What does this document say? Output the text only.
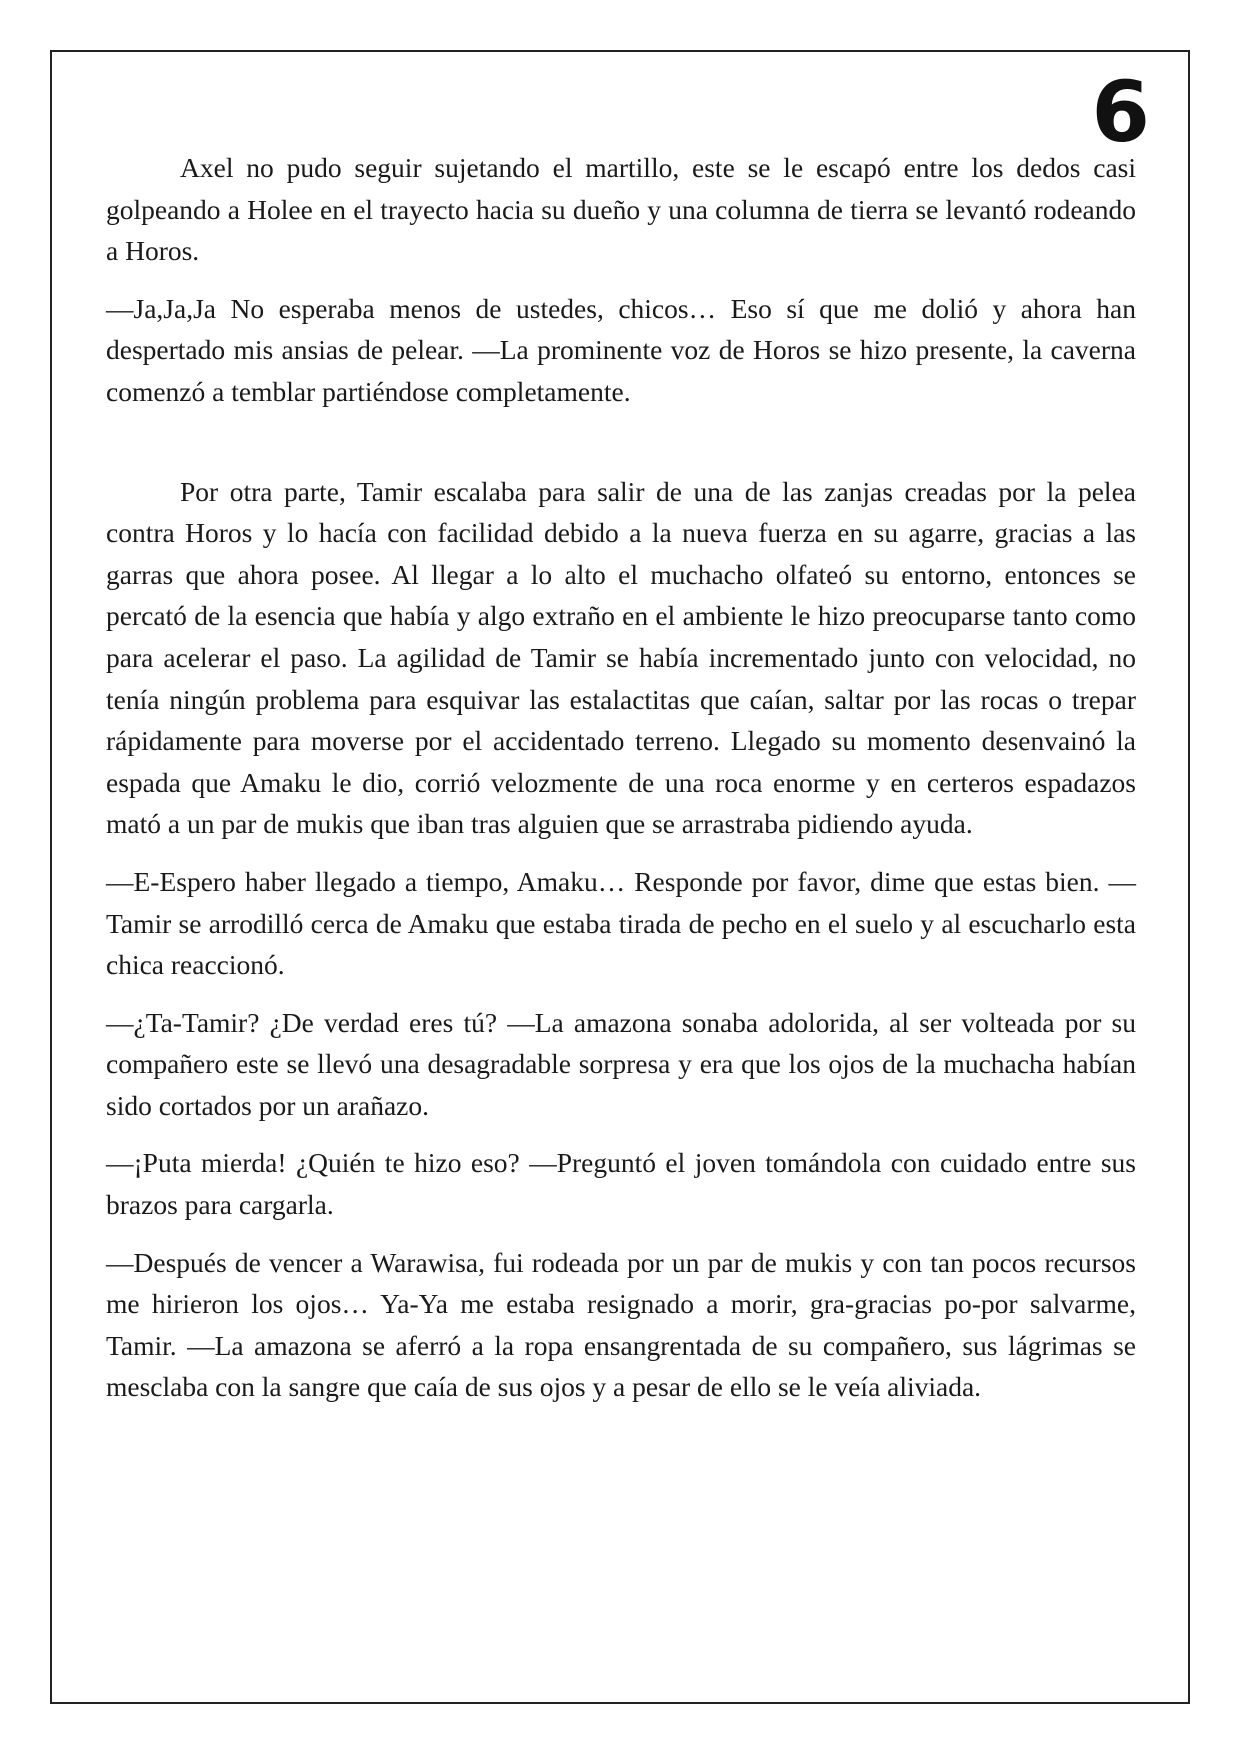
6

Axel no pudo seguir sujetando el martillo, este se le escapó entre los dedos casi golpeando a Holee en el trayecto hacia su dueño y una columna de tierra se levantó rodeando a Horos.

—Ja,Ja,Ja No esperaba menos de ustedes, chicos… Eso sí que me dolió y ahora han despertado mis ansias de pelear. —La prominente voz de Horos se hizo presente, la caverna comenzó a temblar partiéndose completamente.

Por otra parte, Tamir escalaba para salir de una de las zanjas creadas por la pelea contra Horos y lo hacía con facilidad debido a la nueva fuerza en su agarre, gracias a las garras que ahora posee. Al llegar a lo alto el muchacho olfateó su entorno, entonces se percató de la esencia que había y algo extraño en el ambiente le hizo preocuparse tanto como para acelerar el paso. La agilidad de Tamir se había incrementado junto con velocidad, no tenía ningún problema para esquivar las estalactitas que caían, saltar por las rocas o trepar rápidamente para moverse por el accidentado terreno. Llegado su momento desenvainó la espada que Amaku le dio, corrió velozmente de una roca enorme y en certeros espadazos mató a un par de mukis que iban tras alguien que se arrastraba pidiendo ayuda.

—E-Espero haber llegado a tiempo, Amaku… Responde por favor, dime que estas bien. —Tamir se arrodilló cerca de Amaku que estaba tirada de pecho en el suelo y al escucharlo esta chica reaccionó.

—¿Ta-Tamir? ¿De verdad eres tú? —La amazona sonaba adolorida, al ser volteada por su compañero este se llevó una desagradable sorpresa y era que los ojos de la muchacha habían sido cortados por un arañazo.

—¡Puta mierda! ¿Quién te hizo eso? —Preguntó el joven tomándola con cuidado entre sus brazos para cargarla.

—Después de vencer a Warawisa, fui rodeada por un par de mukis y con tan pocos recursos me hirieron los ojos… Ya-Ya me estaba resignado a morir, gra-gracias po-por salvarme, Tamir. —La amazona se aferró a la ropa ensangrentada de su compañero, sus lágrimas se mesclaba con la sangre que caía de sus ojos y a pesar de ello se le veía aliviada.
